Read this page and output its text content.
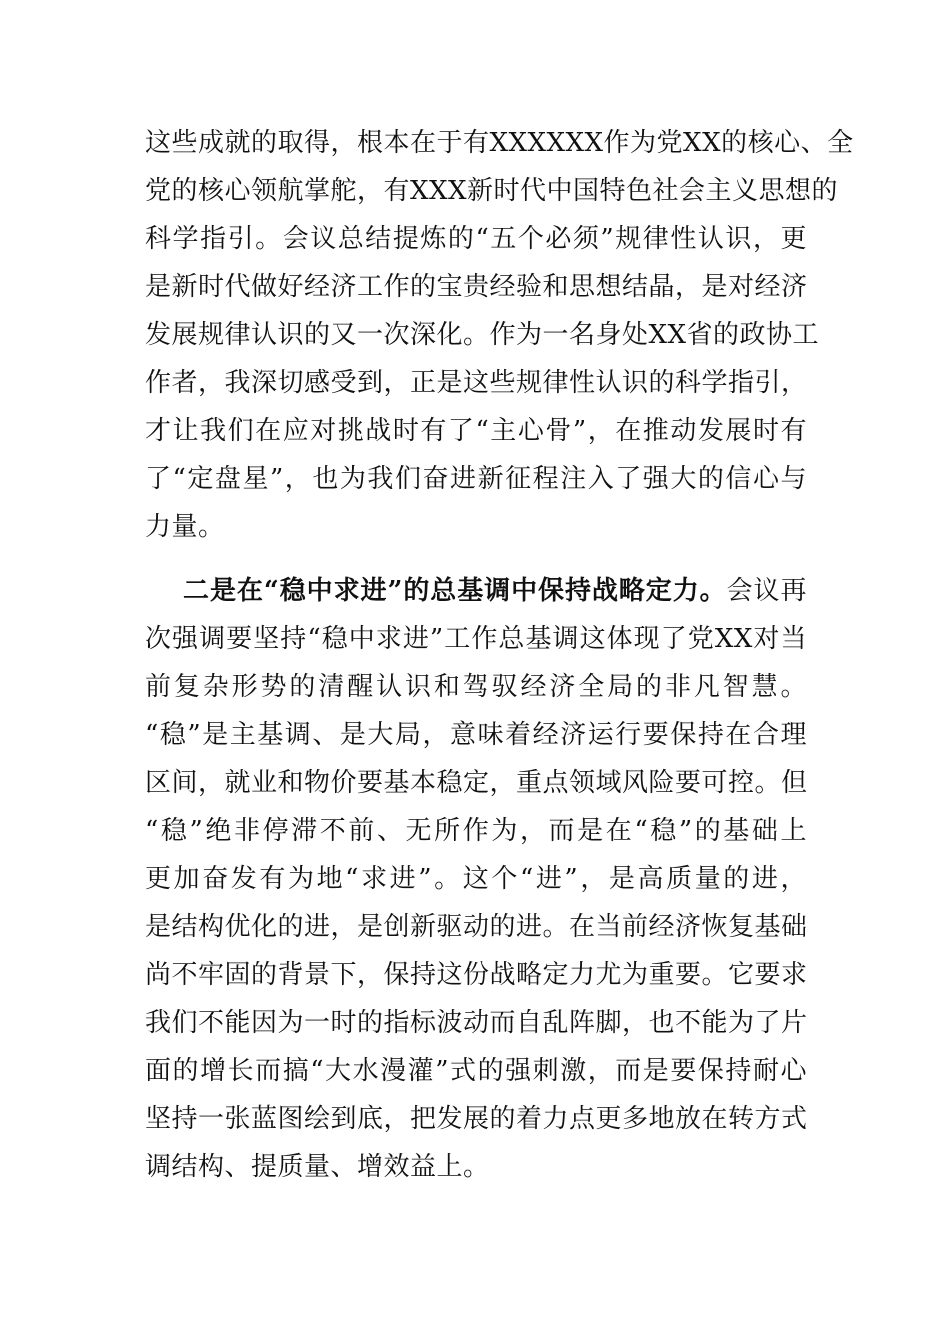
这些成就的取得，根本在于有XXXXXX作为党XX的核心、全
党的核心领航掌舵，有XXX新时代中国特色社会主义思想的
科学指引。会议总结提炼的“五个必须”规律性认识，更
是新时代做好经济工作的宝贵经验和思想结晶，是对经济
发展规律认识的又一次深化。作为一名身处XX省的政协工
作者，我深切感受到，正是这些规律性认识的科学指引，
才让我们在应对挑战时有了“主心骨”，在推动发展时有
了“定盘星”，也为我们奋进新征程注入了强大的信心与
力量。
二是在“稳中求进”的总基调中保持战略定力。会议再
次强调要坚持“稳中求进”工作总基调这体现了党XX对当
前复杂形势的清醒认识和驾驭经济全局的非凡智慧。
“稳”是主基调、是大局，意味着经济运行要保持在合理
区间，就业和物价要基本稳定，重点领域风险要可控。但
“稳”绝非停滞不前、无所作为，而是在“稳”的基础上
更加奋发有为地“求进”。这个“进”，是高质量的进，
是结构优化的进，是创新驱动的进。在当前经济恢复基础
尚不牢固的背景下，保持这份战略定力尤为重要。它要求
我们不能因为一时的指标波动而自乱阵脚，也不能为了片
面的增长而搞“大水漫灌”式的强刺激，而是要保持耐心
坚持一张蓝图绘到底，把发展的着力点更多地放在转方式
调结构、提质量、增效益上。
